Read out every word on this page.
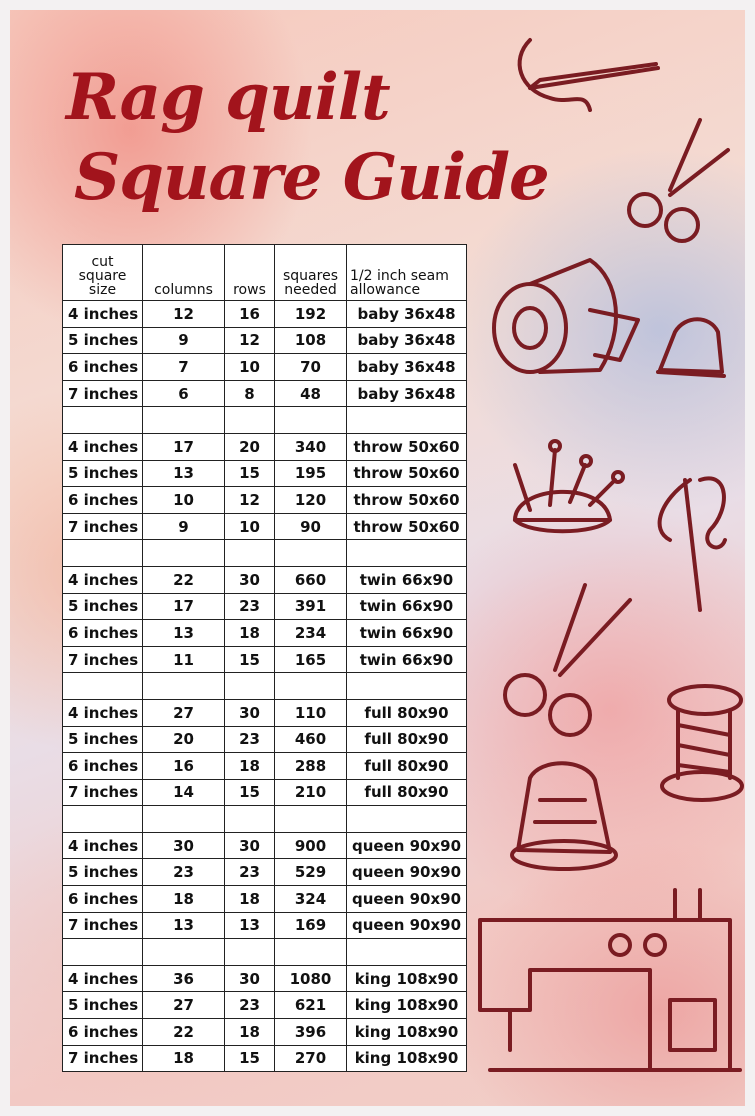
Rag quilt
Square Guide
cut square size	columns	rows	squares needed	1/2 inch seam allowance
4 inches	12	16	192	baby 36x48
5 inches	9	12	108	baby 36x48
6 inches	7	10	70	baby 36x48
7 inches	6	8	48	baby 36x48

4 inches	17	20	340	throw 50x60
5 inches	13	15	195	throw 50x60
6 inches	10	12	120	throw 50x60
7 inches	9	10	90	throw 50x60

4 inches	22	30	660	twin 66x90
5 inches	17	23	391	twin 66x90
6 inches	13	18	234	twin 66x90
7 inches	11	15	165	twin 66x90

4 inches	27	30	110	full 80x90
5 inches	20	23	460	full 80x90
6 inches	16	18	288	full 80x90
7 inches	14	15	210	full 80x90

4 inches	30	30	900	queen 90x90
5 inches	23	23	529	queen 90x90
6 inches	18	18	324	queen 90x90
7 inches	13	13	169	queen 90x90

4 inches	36	30	1080	king 108x90
5 inches	27	23	621	king 108x90
6 inches	22	18	396	king 108x90
7 inches	18	15	270	king 108x90
